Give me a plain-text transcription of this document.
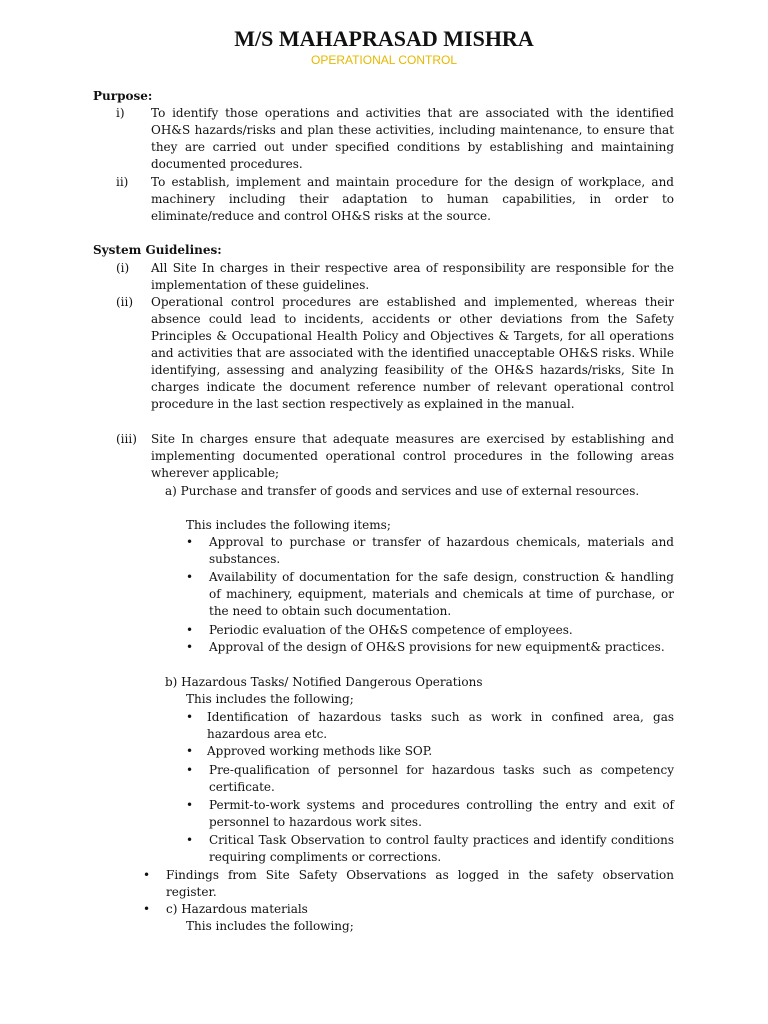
M/S MAHAPRASAD MISHRA
OPERATIONAL CONTROL
Purpose:
i) To identify those operations and activities that are associated with the identified OH&S hazards/risks and plan these activities, including maintenance, to ensure that they are carried out under specified conditions by establishing and maintaining documented procedures.
ii) To establish, implement and maintain procedure for the design of workplace, and machinery including their adaptation to human capabilities, in order to eliminate/reduce and control OH&S risks at the source.
System Guidelines:
(i) All Site In charges in their respective area of responsibility are responsible for the implementation of these guidelines.
(ii) Operational control procedures are established and implemented, whereas their absence could lead to incidents, accidents or other deviations from the Safety Principles & Occupational Health Policy and Objectives & Targets, for all operations and activities that are associated with the identified unacceptable OH&S risks. While identifying, assessing and analyzing feasibility of the OH&S hazards/risks, Site In charges indicate the document reference number of relevant operational control procedure in the last section respectively as explained in the manual.
(iii) Site In charges ensure that adequate measures are exercised by establishing and implementing documented operational control procedures in the following areas wherever applicable;
a) Purchase and transfer of goods and services and use of external resources.
This includes the following items;
• Approval to purchase or transfer of hazardous chemicals, materials and substances.
• Availability of documentation for the safe design, construction & handling of machinery, equipment, materials and chemicals at time of purchase, or the need to obtain such documentation.
• Periodic evaluation of the OH&S competence of employees.
• Approval of the design of OH&S provisions for new equipment& practices.
b) Hazardous Tasks/ Notified Dangerous Operations
This includes the following;
• Identification of hazardous tasks such as work in confined area, gas hazardous area etc.
• Approved working methods like SOP.
• Pre-qualification of personnel for hazardous tasks such as competency certificate.
• Permit-to-work systems and procedures controlling the entry and exit of personnel to hazardous work sites.
• Critical Task Observation to control faulty practices and identify conditions requiring compliments or corrections.
• Findings from Site Safety Observations as logged in the safety observation register.
• c) Hazardous materials
This includes the following;
